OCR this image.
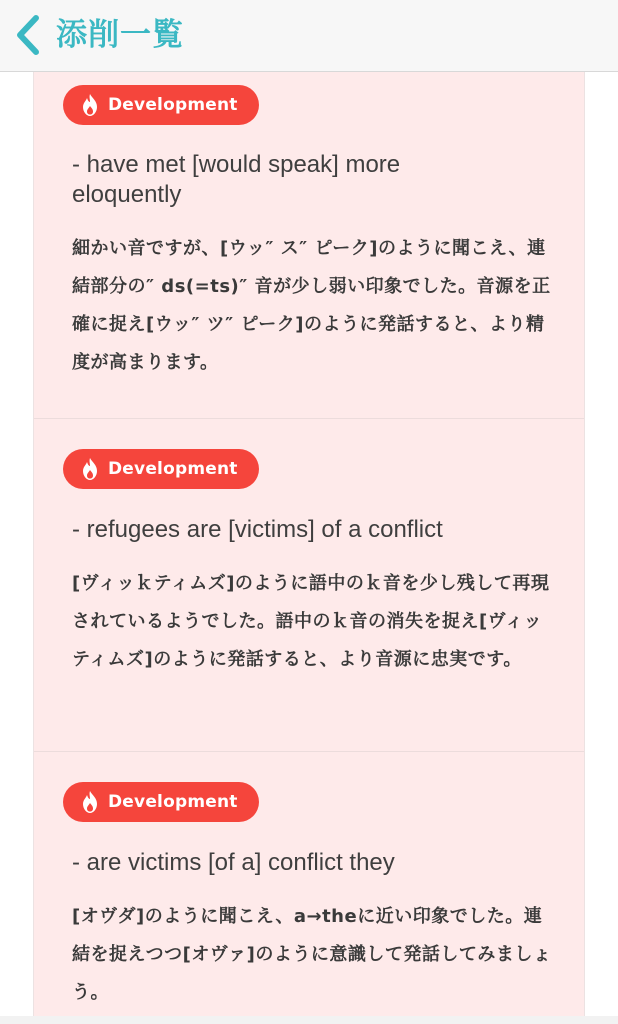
添削一覧
Development
- have met [would speak] more eloquently
細かい音ですが、[ウッ″ ス″ ピーク]のように聞こえ、連結部分の″ ds(=ts)″ 音が少し弱い印象でした。音源を正確に捉え[ウッ″ ツ″ ピーク]のように発話すると、より精度が高まります。
Development
- refugees are [victims] of a conflict
[ヴィッｋティムズ]のように語中のｋ音を少し残して再現されているようでした。語中のｋ音の消失を捉え[ヴィッティムズ]のように発話すると、より音源に忠実です。
Development
- are victims [of a] conflict they
[オヴダ]のように聞こえ、a→theに近い印象でした。連結を捉えつつ[オヴァ]のように意識して発話してみましょう。
